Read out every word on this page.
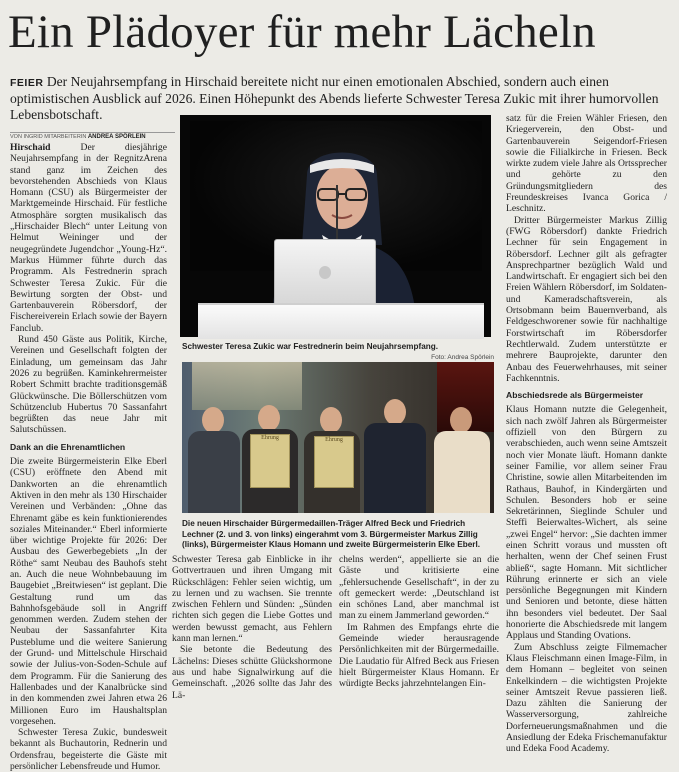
Ein Plädoyer für mehr Lächeln
FEIER Der Neujahrsempfang in Hirschaid bereitete nicht nur einen emotionalen Abschied, sondern auch einen optimistischen Ausblick auf 2026. Einen Höhepunkt des Abends lieferte Schwester Teresa Zukic mit ihrer humorvollen Lebensbotschaft.
VON INGRID MITARBEITERIN ANDREA SPÖRLEIN

Hirschaid	Der diesjährige Neujahrsempfang in der RegnitzArena stand ganz im Zeichen des bevorstehenden Abschieds von Klaus Homann (CSU) als Bürgermeister der Marktgemeinde Hirschaid. Für festliche Atmosphäre sorgten musikalisch das „Hirschaider Blech“ unter Leitung von Helmut Weininger und der neugegründete Jugendchor „Young-Hz“. Markus Hümmer führte durch das Programm. Als Festrednerin sprach Schwester Teresa Zukic. Für die Bewirtung sorgten der Obst- und Gartenbauverein Röbersdorf, der Fischereiverein Erlach sowie der Bayern Fanclub.

Rund 450 Gäste aus Politik, Kirche, Vereinen und Gesellschaft folgten der Einladung, um gemeinsam das Jahr 2026 zu begrüßen. Kaminkehrermeister Robert Schmitt brachte traditionsgemäß Glückwünsche. Die Böllerschützen vom Schützenclub Hubertus 70 Sassanfahrt begrüßten das neue Jahr mit Salutschüssen.

Dank an die Ehrenamtlichen

Die zweite Bürgermeisterin Elke Eberl (CSU) eröffnete den Abend mit Dankworten an die ehrenamtlich Aktiven in den mehr als 130 Hirschaider Vereinen und Verbänden: „Ohne das Ehrenamt gäbe es kein funktionierendes soziales Miteinander.“ Eberl informierte über wichtige Projekte für 2026: Der Ausbau des Gewerbegebiets „In der Röthe“ samt Neubau des Bauhofs steht an. Auch die neue Wohnbebauung im Baugebiet „Breitwiesen“ ist geplant. Die Gestaltung rund um das Bahnhofsgebäude soll in Angriff genommen werden. Zudem stehen der Neubau der Sassanfahrter Kita Pusteblume und die weitere Sanierung der Grund- und Mittelschule Hirschaid sowie der Julius-von-Soden-Schule auf dem Programm. Für die Sanierung des Hallenbades und der Kanalbrücke sind in den kommenden zwei Jahren etwa 26 Millionen Euro im Haushaltsplan vorgesehen.

Schwester Teresa Zukic, bundesweit bekannt als Buchautorin, Rednerin und Ordensfrau, begeisterte die Gäste mit persönlicher Lebensfreude und Humor.

Schwester Teresa Zukic war Festrednerin beim Neujahrsempfang.
Foto: Andrea Spörlein
Ehrung	Ehrung
Die neuen Hirschaider Bürgermedaillen-Träger Alfred Beck und Friedrich Lechner (2. und 3. von links) eingerahmt vom 3. Bürgermeister Markus Zillig (links), Bürgermeister Klaus Homann und zweite Bürgermeisterin Elke Eberl.

Schwester Teresa gab Einblicke in ihr Gottvertrauen und ihren Umgang mit Rückschlägen: Fehler seien wichtig, um zu lernen und zu wachsen. Sie trennte zwischen Fehlern und Sünden: „Sünden richten sich gegen die Liebe Gottes und werden bewusst gemacht, aus Fehlern kann man lernen.“

Sie betonte die Bedeutung des Lächelns: Dieses schütte Glückshormone aus und habe Signalwirkung auf die Gemeinschaft. „2026 sollte das Jahr des Lä-

chelns werden“, appellierte sie an die Gäste und kritisierte eine „fehlersuchende Gesellschaft“, in der zu oft gemeckert werde: „Deutschland ist ein schönes Land, aber manchmal ist man zu einem Jammerland geworden.“

Im Rahmen des Empfangs ehrte die Gemeinde wieder herausragende Persönlichkeiten mit der Bürgermedaille. Die Laudatio für Alfred Beck aus Friesen hielt Bürgermeister Klaus Homann. Er würdigte Becks jahrzehntelangen Ein-

satz für die Freien Wähler Friesen, den Kriegerverein, den Obst- und Gartenbauverein Seigendorf-Friesen sowie die Filialkirche in Friesen. Beck wirkte zudem viele Jahre als Ortssprecher und gehörte zu den Gründungsmitgliedern des Freundeskreises Ivanca Gorica / Leschnitz.

Dritter Bürgermeister Markus Zillig (FWG Röbersdorf) dankte Friedrich Lechner für sein Engagement in Röbersdorf. Lechner gilt als gefragter Ansprechpartner bezüglich Wald und Landwirtschaft. Er engagiert sich bei den Freien Wählern Röbersdorf, im Soldaten- und Kameradschaftsverein, als Ortsobmann beim Bauernverband, als Feldgeschworener sowie für nachhaltige Forstwirtschaft im Röbersdorfer Rechtlerwald. Zudem unterstützte er mehrere Bauprojekte, darunter den Anbau des Feuerwehrhauses, mit seiner Fachkenntnis.

Abschiedsrede als Bürgermeister

Klaus Homann nutzte die Gelegenheit, sich nach zwölf Jahren als Bürgermeister offiziell von den Bürgern zu verabschieden, auch wenn seine Amtszeit noch vier Monate läuft. Homann dankte seiner Familie, vor allem seiner Frau Christine, sowie allen Mitarbeitenden im Rathaus, Bauhof, in Kindergärten und Schulen. Besonders hob er seine Sekretärinnen, Sieglinde Schuler und Steffi Beierwaltes-Wichert, als seine „zwei Engel“ hervor: „Sie dachten immer einen Schritt voraus und mussten oft herhalten, wenn der Chef seinen Frust abließ“, sagte Homann. Mit sichtlicher Rührung erinnerte er sich an viele persönliche Begegnungen mit Kindern und Senioren und betonte, diese hätten ihn besonders viel bedeutet. Der Saal honorierte die Abschiedsrede mit langem Applaus und Standing Ovations.

Zum Abschluss zeigte Filmemacher Klaus Fleischmann einen Image-Film, in dem Homann – begleitet von seinen Enkelkindern – die wichtigsten Projekte seiner Amtszeit Revue passieren ließ. Dazu zählten die Sanierung der Wasserversorgung, zahlreiche Dorferneuerungsmaßnahmen und die Ansiedlung der Edeka Frischemanufaktur und Edeka Food Academy.
